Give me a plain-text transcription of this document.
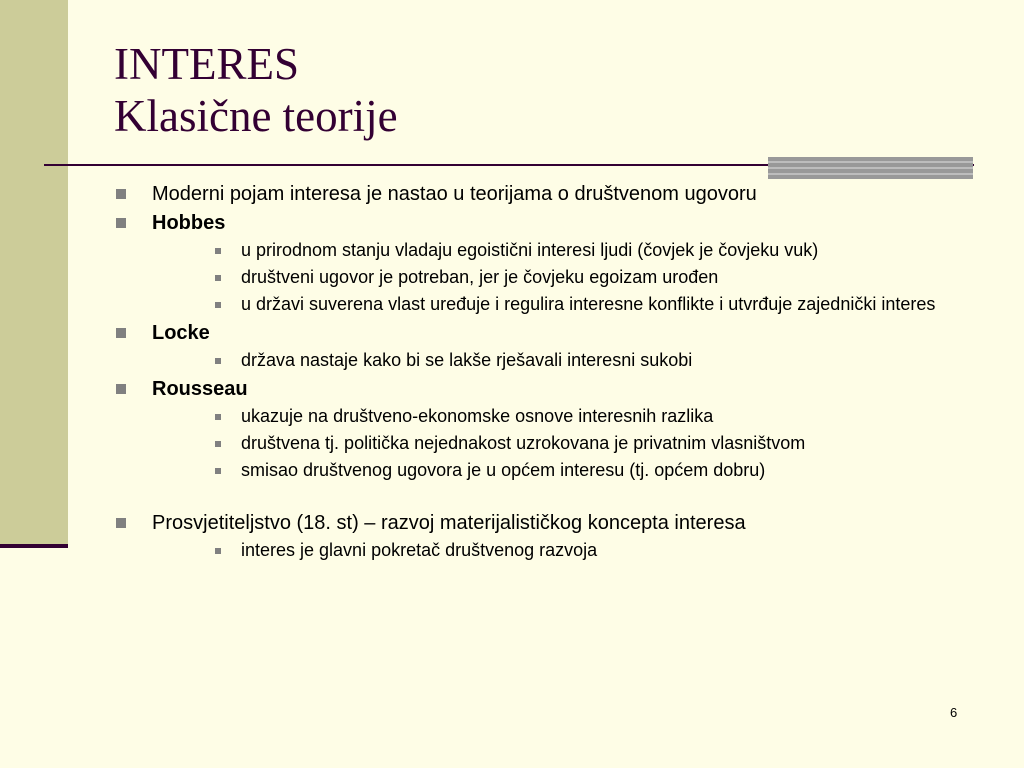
INTERES
Klasične teorije
Moderni pojam interesa je nastao u teorijama o društvenom ugovoru
Hobbes
u prirodnom stanju vladaju egoistični interesi ljudi (čovjek je čovjeku vuk)
društveni ugovor je potreban, jer je čovjeku egoizam urođen
u državi suverena vlast uređuje i regulira interesne konflikte i utvrđuje zajednički interes
Locke
država nastaje kako bi se lakše rješavali interesni sukobi
Rousseau
ukazuje na društveno-ekonomske osnove interesnih razlika
društvena tj. politička nejednakost uzrokovana je privatnim vlasništvom
smisao društvenog ugovora je u općem interesu (tj. općem dobru)
Prosvjetiteljstvo (18. st) – razvoj materijalističkog koncepta interesa
interes je glavni pokretač društvenog razvoja
6
